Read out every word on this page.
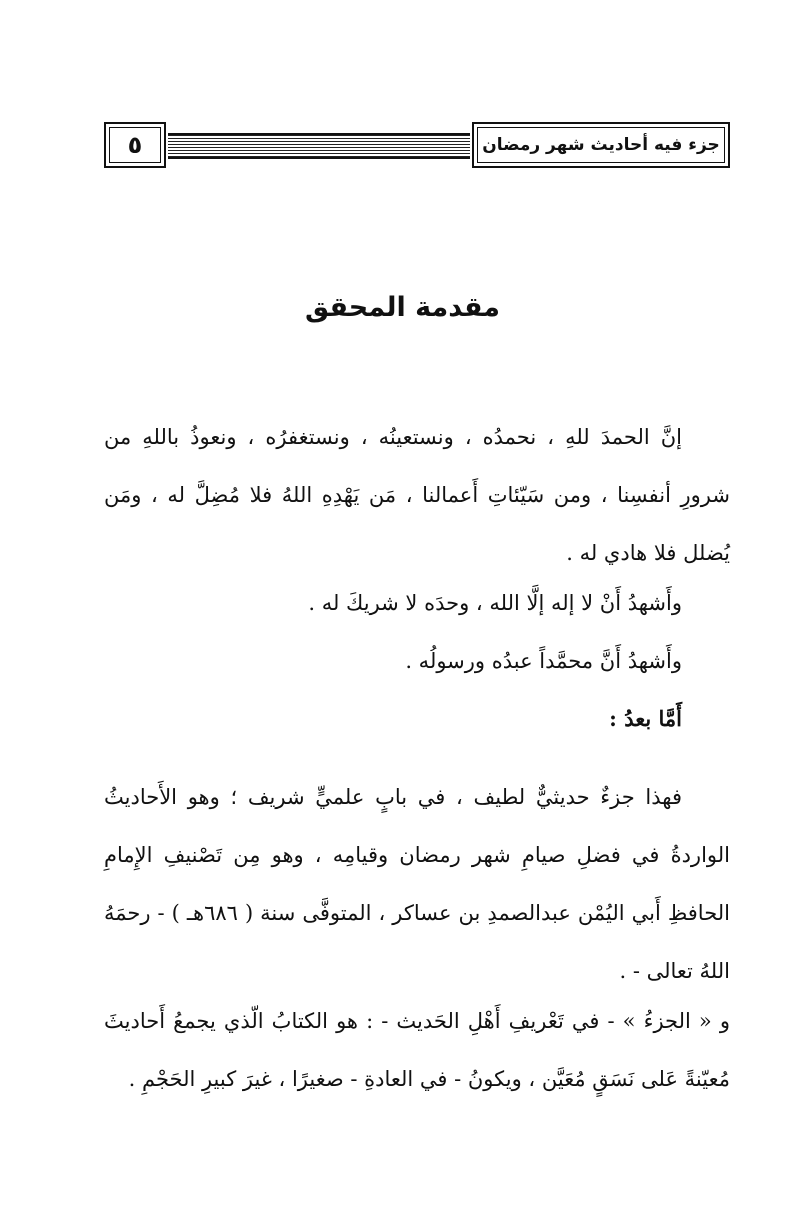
٥	جزء فيه أحاديث شهر رمضان
مقدمة المحقق

إنَّ الحمدَ للهِ ، نحمدُه ، ونستعينُه ، ونستغفرُه ، ونعوذُ باللهِ من شرورِ أنفسِنا ، ومن سَيّئاتِ أَعمالنا ، مَن يَهْدِهِ اللهُ فلا مُضِلَّ له ، ومَن يُضلل فلا هادي له .

وأَشهدُ أَنْ لا إله إلَّا الله ، وحدَه لا شريكَ له .

وأَشهدُ أَنَّ محمَّداً عبدُه ورسولُه .

أَمَّا بعدُ :

فهذا جزءٌ حديثيٌّ لطيف ، في بابٍ علميٍّ شريف ؛ وهو الأَحاديثُ الواردةُ في فضلِ صيامِ شهر رمضان وقيامِه ، وهو مِن تَصْنيفِ الإِمامِ الحافظِ أَبي اليُمْن عبدالصمدِ بن عساكر ، المتوفَّى سنة ( ٦٨٦هـ ) - رحمَهُ اللهُ تعالى - .

و « الجزءُ » - في تَعْريفِ أَهْلِ الحَديث - : هو الكتابُ الّذي يجمعُ أَحاديثَ مُعيّنةً عَلى نَسَقٍ مُعَيَّن ، ويكونُ - في العادةِ - صغيرًا ، غيرَ كبيرِ الحَجْمِ .
